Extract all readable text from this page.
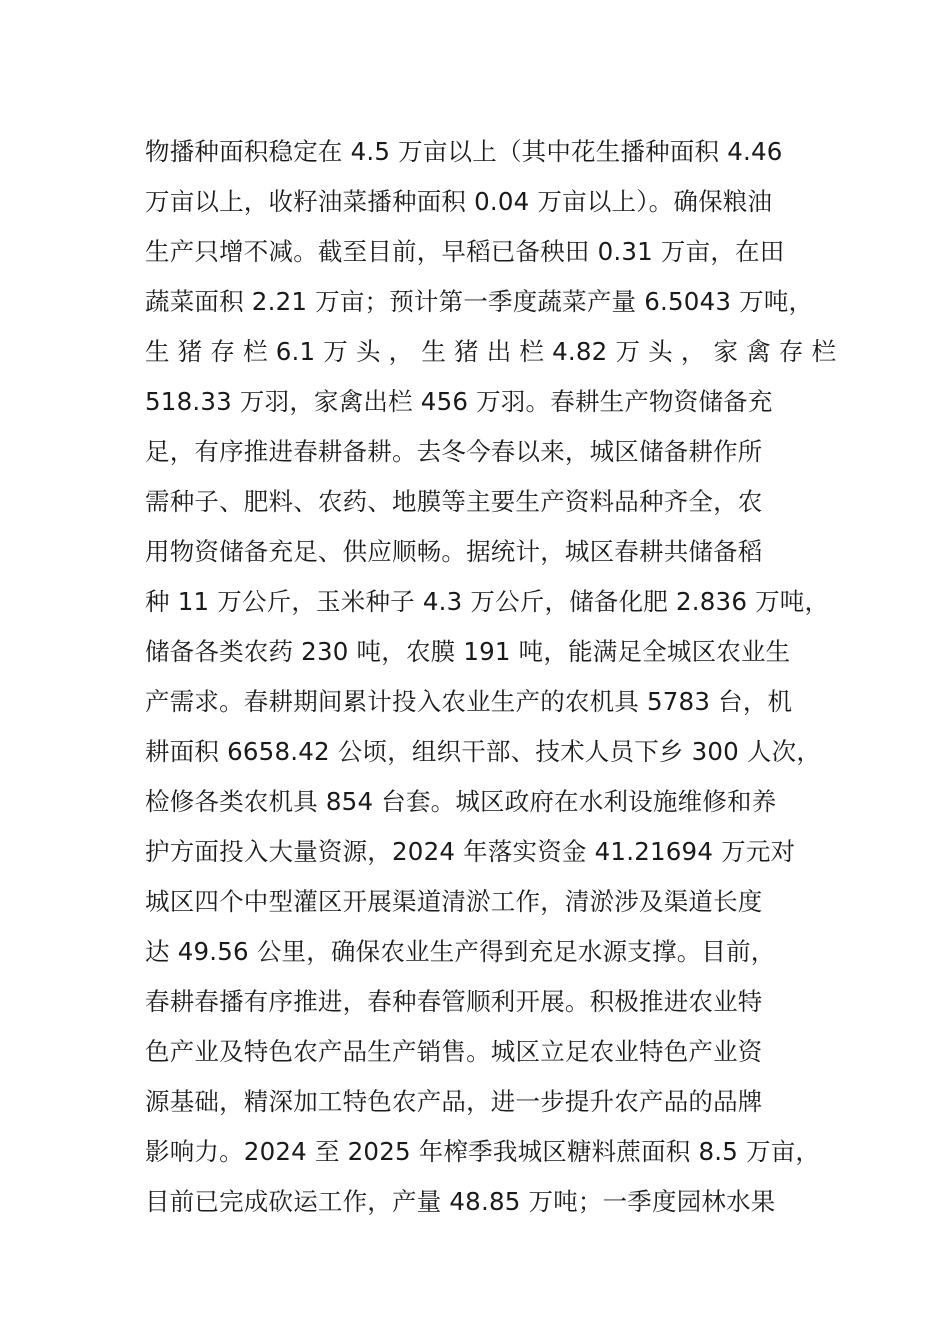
物播种面积稳定在 4.5 万亩以上（其中花生播种面积 4.46
万亩以上，收籽油菜播种面积 0.04 万亩以上）。确保粮油
生产只增不减。截至目前，早稻已备秧田 0.31 万亩，在田
蔬菜面积 2.21 万亩；预计第一季度蔬菜产量 6.5043 万吨，
生 猪 存 栏 6.1 万 头 ， 生 猪 出 栏 4.82 万 头 ， 家 禽 存 栏
518.33 万羽，家禽出栏 456 万羽。春耕生产物资储备充
足，有序推进春耕备耕。去冬今春以来，城区储备耕作所
需种子、肥料、农药、地膜等主要生产资料品种齐全，农
用物资储备充足、供应顺畅。据统计，城区春耕共储备稻
种 11 万公斤，玉米种子 4.3 万公斤，储备化肥 2.836 万吨，
储备各类农药 230 吨，农膜 191 吨，能满足全城区农业生
产需求。春耕期间累计投入农业生产的农机具 5783 台，机
耕面积 6658.42 公顷，组织干部、技术人员下乡 300 人次，
检修各类农机具 854 台套。城区政府在水利设施维修和养
护方面投入大量资源，2024 年落实资金 41.21694 万元对
城区四个中型灌区开展渠道清淤工作，清淤涉及渠道长度
达 49.56 公里，确保农业生产得到充足水源支撑。目前，
春耕春播有序推进，春种春管顺利开展。积极推进农业特
色产业及特色农产品生产销售。城区立足农业特色产业资
源基础，精深加工特色农产品，进一步提升农产品的品牌
影响力。2024 至 2025 年榨季我城区糖料蔗面积 8.5 万亩，
目前已完成砍运工作，产量 48.85 万吨；一季度园林水果
